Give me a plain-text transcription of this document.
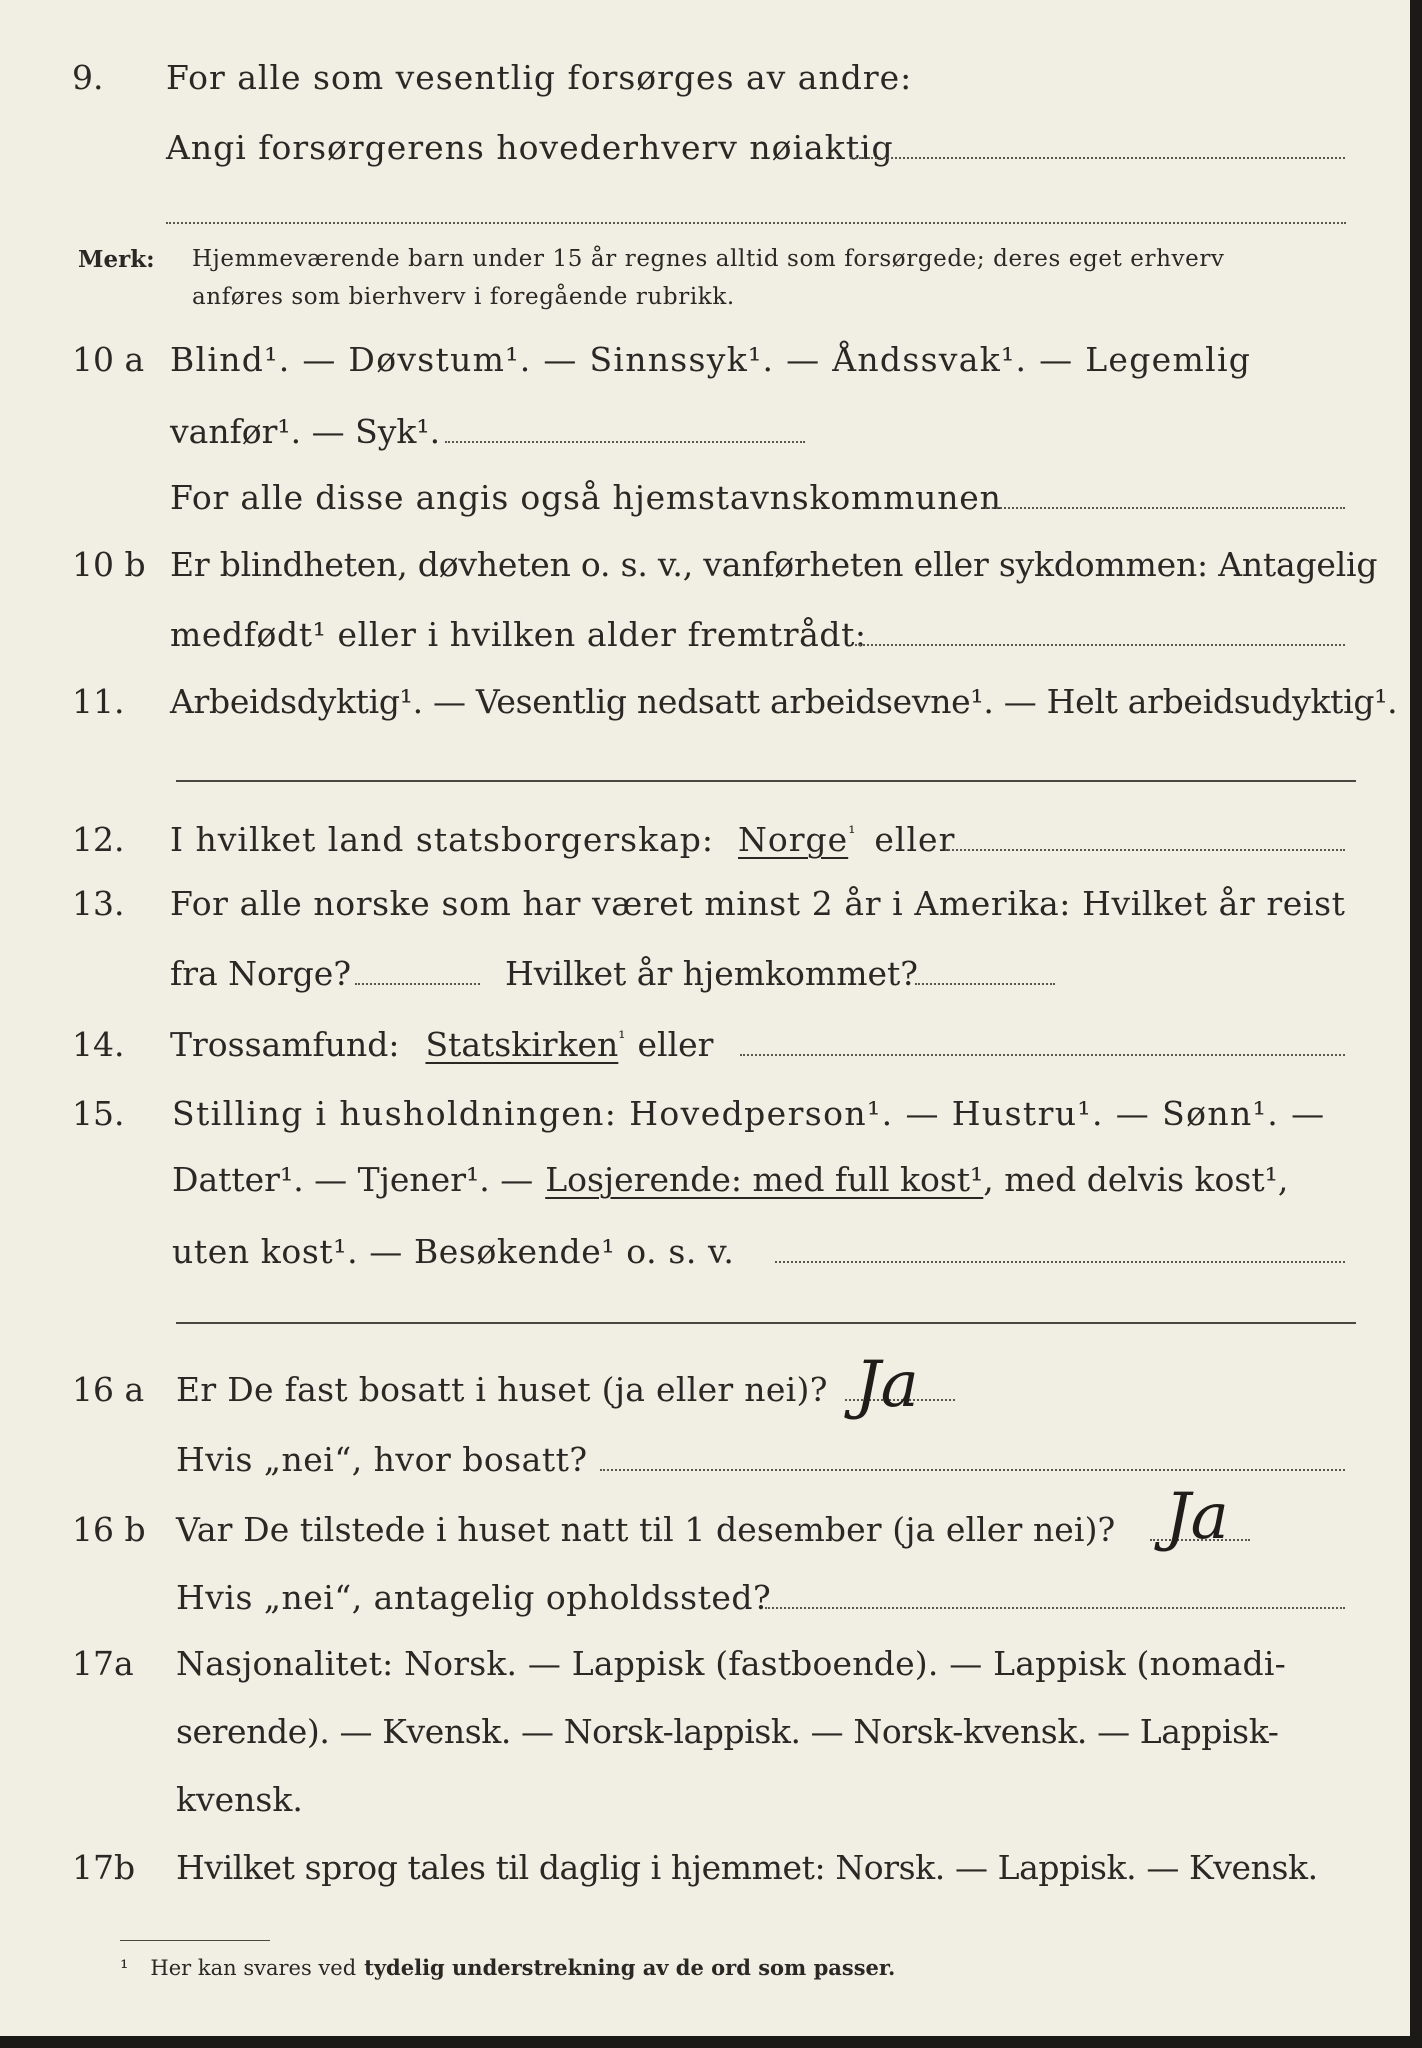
9. For alle som vesentlig forsørges av andre:
Angi forsørgerens hovederhverv nøiaktig
Merk: Hjemmeværende barn under 15 år regnes alltid som forsørgede; deres eget erhverv
anføres som bierhverv i foregående rubrikk.
10 a Blind¹. — Døvstum¹. — Sinnssyk¹. — Åndssvak¹. — Legemlig
vanfør¹. — Syk¹.
For alle disse angis også hjemstavnskommunen
10 b Er blindheten, døvheten o. s. v., vanførheten eller sykdommen: Antagelig
medfødt¹ eller i hvilken alder fremtrådt:
11. Arbeidsdyktig¹. — Vesentlig nedsatt arbeidsevne¹. — Helt arbeidsudyktig¹.
12. I hvilket land statsborgerskap: Norge$^{^1}$ eller
13. For alle norske som har været minst 2 år i Amerika: Hvilket år reist
fra Norge?	Hvilket år hjemkommet?
14. Trossamfund: Statskirken$^{^1}$ eller
15. Stilling i husholdningen: Hovedperson¹. — Hustru¹. — Sønn¹. —
Datter¹. — Tjener¹. — Losjerende: med full kost¹, med delvis kost¹,
uten kost¹. — Besøkende¹ o. s. v.
16 a Er De fast bosatt i huset (ja eller nei)? Ja
Hvis „nei“, hvor bosatt?
16 b Var De tilstede i huset natt til 1 desember (ja eller nei)? Ja
Hvis „nei“, antagelig opholdssted?
17a Nasjonalitet: Norsk. — Lappisk (fastboende). — Lappisk (nomadi-
serende). — Kvensk. — Norsk-lappisk. — Norsk-kvensk. — Lappisk-
kvensk.
17b Hvilket sprog tales til daglig i hjemmet: Norsk. — Lappisk. — Kvensk.
¹ Her kan svares ved tydelig understrekning av de ord som passer.
